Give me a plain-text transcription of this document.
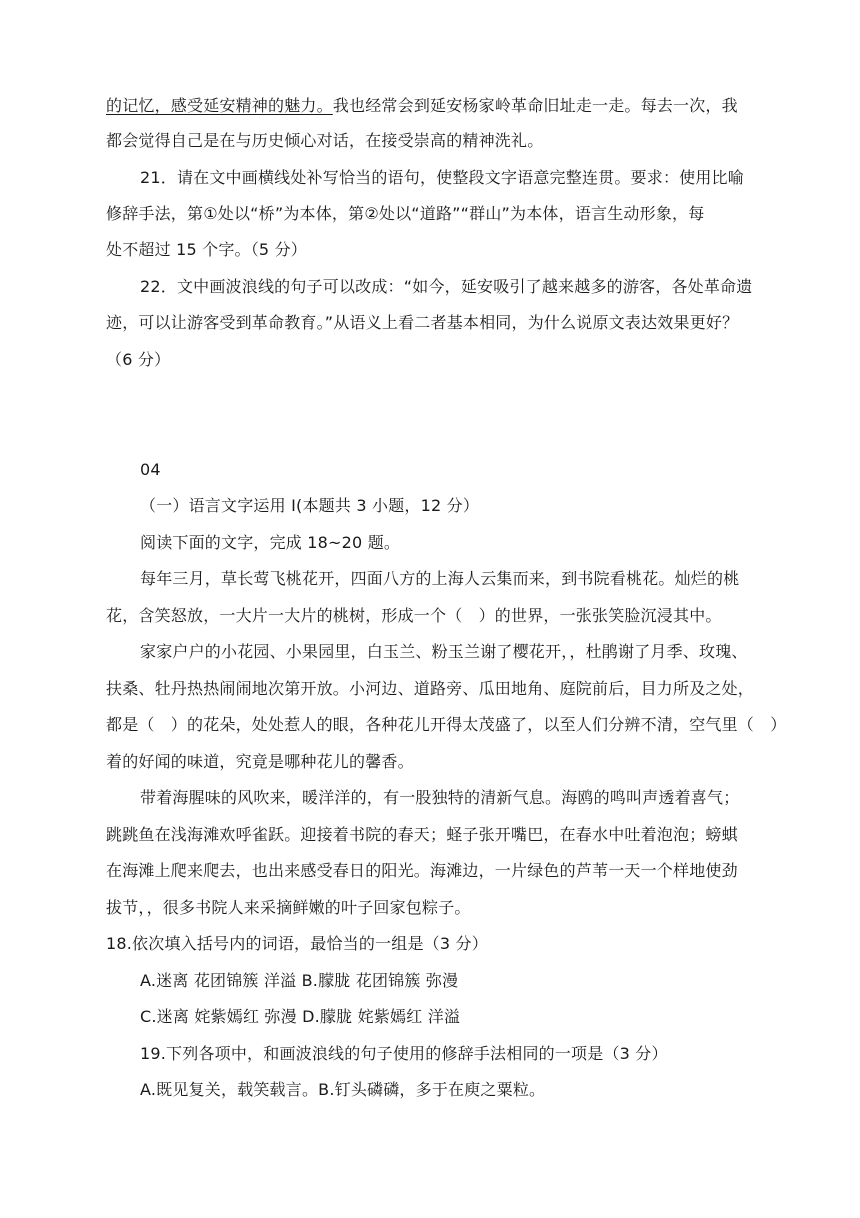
的记忆，感受延安精神的魅力。我也经常会到延安杨家岭革命旧址走一走。每去一次，我
都会觉得自己是在与历史倾心对话，在接受崇高的精神洗礼。
21．请在文中画横线处补写恰当的语句，使整段文字语意完整连贯。要求：使用比喻
修辞手法，第①处以“桥”为本体，第②处以“道路”“群山”为本体，语言生动形象，每
处不超过 15 个字。（5 分）
22．文中画波浪线的句子可以改成：“如今，延安吸引了越来越多的游客，各处革命遗
迹，可以让游客受到革命教育。”从语义上看二者基本相同，为什么说原文表达效果更好？
（6 分）
04
（一）语言文字运用 I(本题共 3 小题，12 分）
阅读下面的文字，完成 18~20 题。
每年三月，草长莺飞桃花开，四面八方的上海人云集而来，到书院看桃花。灿烂的桃
花，含笑怒放，一大片一大片的桃树，形成一个（　）的世界，一张张笑脸沉浸其中。
家家户户的小花园、小果园里，白玉兰、粉玉兰谢了樱花开，，杜鹃谢了月季、玫瑰、
扶桑、牡丹热热闹闹地次第开放。小河边、道路旁、瓜田地角、庭院前后，目力所及之处，
都是（　）的花朵，处处惹人的眼，各种花儿开得太茂盛了，以至人们分辨不清，空气里（　）
着的好闻的味道，究竟是哪种花儿的馨香。
带着海腥味的风吹来，暖洋洋的，有一股独特的清新气息。海鸥的鸣叫声透着喜气；
跳跳鱼在浅海滩欢呼雀跃。迎接着书院的春天；蛏子张开嘴巴，在春水中吐着泡泡；螃蜞
在海滩上爬来爬去，也出来感受春日的阳光。海滩边，一片绿色的芦苇一天一个样地使劲
拔节，，很多书院人来采摘鲜嫩的叶子回家包粽子。
18.依次填入括号内的词语，最恰当的一组是（3 分）
A.迷离 花团锦簇 洋溢 B.朦胧 花团锦簇 弥漫
C.迷离 姹紫嫣红 弥漫 D.朦胧 姹紫嫣红 洋溢
19.下列各项中，和画波浪线的句子使用的修辞手法相同的一项是（3 分）
A.既见复关，载笑载言。B.钉头磷磷，多于在庾之粟粒。
